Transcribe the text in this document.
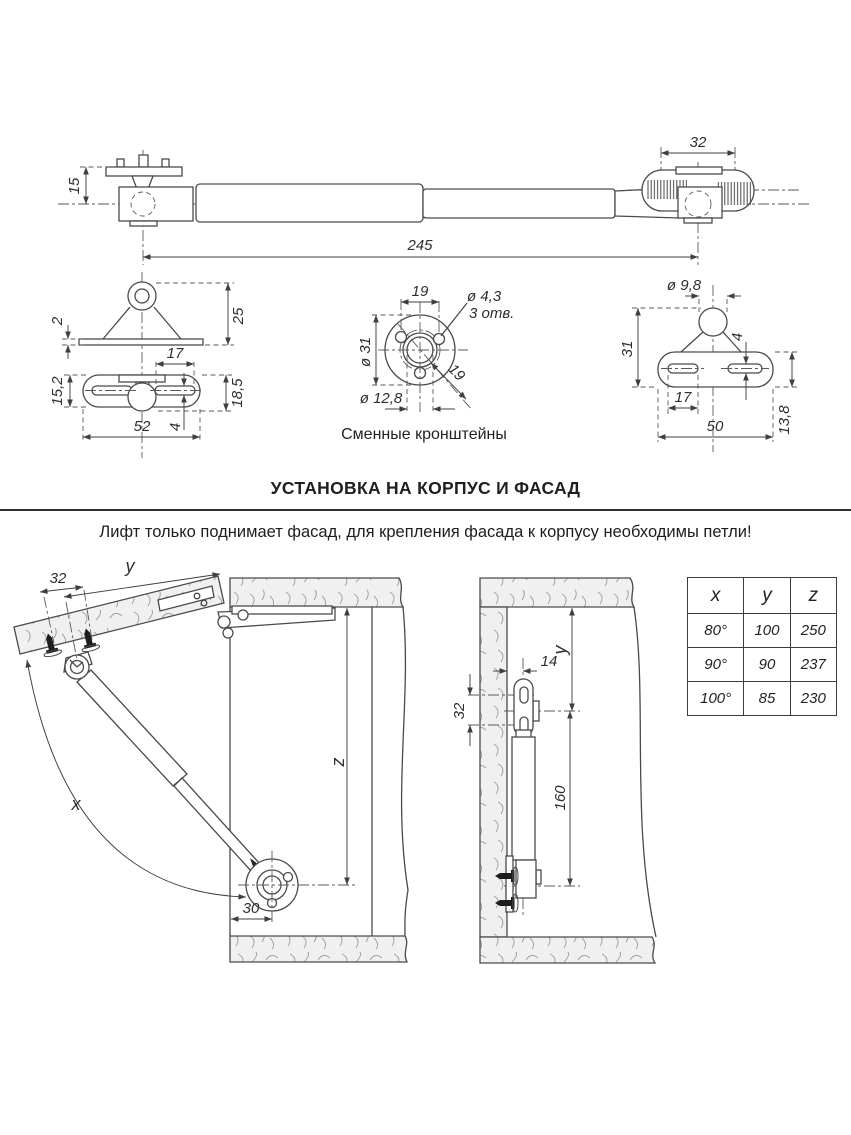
15
32
245
2	25
17
15,2	18,5
52 4
ø 4,3
3 отв.
19
ø 31
19
ø 12,8
Сменные кронштейны
ø 9,8
31
4
17
50	13,8
32
y
z
x
30
32
14
y
160
УСТАНОВКА НА КОРПУС И ФАСАД
Лифт только поднимает фасад, для крепления фасада к корпусу необходимы петли!
x	y	z
80°	100	250
90°	90	237
100°	85	230
